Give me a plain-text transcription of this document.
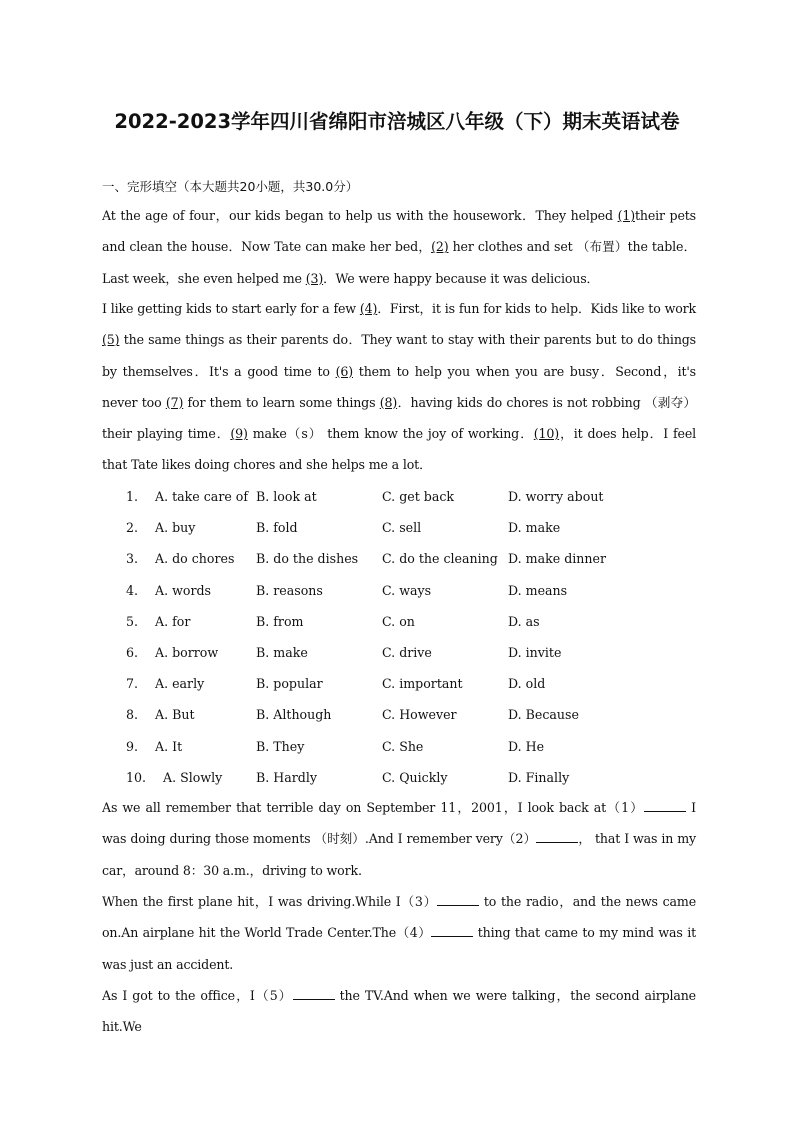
2022-2023学年四川省绵阳市涪城区八年级（下）期末英语试卷

一、完形填空（本大题共20小题，共30.0分）

At the age of four，our kids began to help us with the housework．They helped (1)their pets and clean the house．Now Tate can make her bed，(2) her clothes and set （布置）the table．Last week，she even helped me (3)．We were happy because it was delicious．

I like getting kids to start early for a few (4)．First，it is fun for kids to help．Kids like to work (5) the same things as their parents do．They want to stay with their parents but to do things by themselves．It's a good time to (6) them to help you when you are busy．Second，it's never too (7) for them to learn some things (8)．having kids do chores is not robbing （剥夺）their playing time．(9) make（s） them know the joy of working．(10)，it does help．I feel that Tate likes doing chores and she helps me a lot．

1. A. take care of B. look at	C. get back	D. worry about
2. A. buy	B. fold	C. sell	D. make
3. A. do chores B. do the dishes C. do the cleaning D. make dinner
4. A. words	B. reasons	C. ways	D. means
5. A. for	B. from	C. on	D. as
6. A. borrow	B. make	C. drive	D. invite
7. A. early	B. popular	C. important	D. old
8. A. But	B. Although	C. However	D. Because
9. A. It	B. They	C. She	D. He
10. A. Slowly	B. Hardly	C. Quickly	D. Finally

As we all remember that terrible day on September 11，2001，I look back at（1）	I was doing during those moments （时刻）.And I remember very（2）	， that I was in my car，around 8：30 a.m.，driving to work.

When the first plane hit，I was driving.While I（3）	to the radio，and the news came on.An airplane hit the World Trade Center.The（4）	thing that came to my mind was it was just an accident.

As I got to the office，I（5）	the TV.And when we were talking，the second airplane hit.We
